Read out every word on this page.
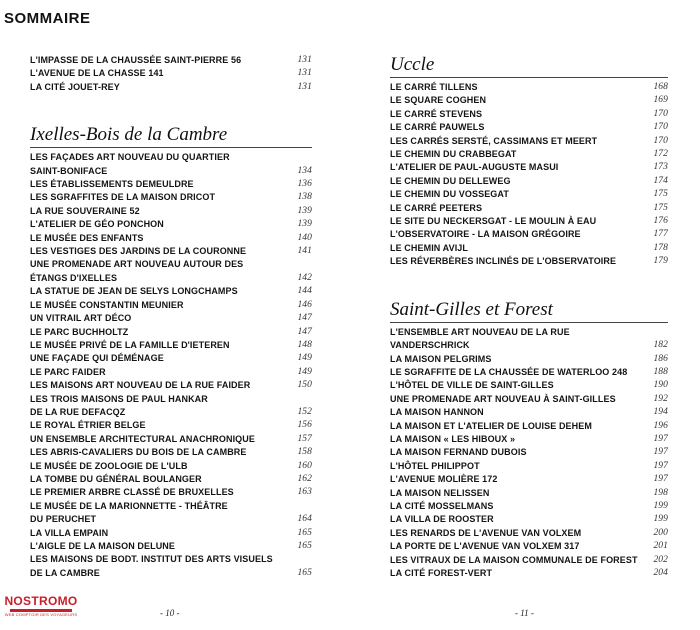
SOMMAIRE
L'IMPASSE DE LA CHAUSSÉE SAINT-PIERRE 56	131
L'AVENUE DE LA CHASSE 141	131
LA CITÉ JOUET-REY	131
Ixelles-Bois de la Cambre
LES FAÇADES ART NOUVEAU DU QUARTIER
SAINT-BONIFACE	134
LES ÉTABLISSEMENTS DEMEULDRE	136
LES SGRAFFITES DE LA MAISON DRICOT	138
LA RUE SOUVERAINE 52	139
L'ATELIER DE GÉO PONCHON	139
LE MUSÉE DES ENFANTS	140
LES VESTIGES DES JARDINS DE LA COURONNE	141
UNE PROMENADE ART NOUVEAU AUTOUR DES
ÉTANGS D'IXELLES	142
LA STATUE DE JEAN DE SELYS LONGCHAMPS	144
LE MUSÉE CONSTANTIN MEUNIER	146
UN VITRAIL ART DÉCO	147
LE PARC BUCHHOLTZ	147
LE MUSÉE PRIVÉ DE LA FAMILLE D'IETEREN	148
UNE FAÇADE QUI DÉMÉNAGE	149
LE PARC FAIDER	149
LES MAISONS ART NOUVEAU DE LA RUE FAIDER	150
LES TROIS MAISONS DE PAUL HANKAR
DE LA RUE DEFACQZ	152
LE ROYAL ÉTRIER BELGE	156
UN ENSEMBLE ARCHITECTURAL ANACHRONIQUE	157
LES ABRIS-CAVALIERS DU BOIS DE LA CAMBRE	158
LE MUSÉE DE ZOOLOGIE DE L'ULB	160
LA TOMBE DU GÉNÉRAL BOULANGER	162
LE PREMIER ARBRE CLASSÉ DE BRUXELLES	163
LE MUSÉE DE LA MARIONNETTE - THÉÂTRE
DU PERUCHET	164
LA VILLA EMPAIN	165
L'AIGLE DE LA MAISON DELUNE	165
LES MAISONS DE BODT. INSTITUT DES ARTS VISUELS
DE LA CAMBRE	165
Uccle
LE CARRÉ TILLENS	168
LE SQUARE COGHEN	169
LE CARRÉ STEVENS	170
LE CARRÉ PAUWELS	170
LES CARRÉS SERSTÉ, CASSIMANS ET MEERT	170
LE CHEMIN DU CRABBEGAT	172
L'ATELIER DE PAUL-AUGUSTE MASUI	173
LE CHEMIN DU DELLEWEG	174
LE CHEMIN DU VOSSEGAT	175
LE CARRÉ PEETERS	175
LE SITE DU NECKERSGAT - LE MOULIN À EAU	176
L'OBSERVATOIRE - LA MAISON GRÉGOIRE	177
LE CHEMIN AVIJL	178
LES RÉVERBÈRES INCLINÉS DE L'OBSERVATOIRE	179
Saint-Gilles et Forest
L'ENSEMBLE ART NOUVEAU DE LA RUE
VANDERSCHRICK	182
LA MAISON PELGRIMS	186
LE SGRAFFITE DE LA CHAUSSÉE DE WATERLOO 248	188
L'HÔTEL DE VILLE DE SAINT-GILLES	190
UNE PROMENADE ART NOUVEAU À SAINT-GILLES	192
LA MAISON HANNON	194
LA MAISON ET L'ATELIER DE LOUISE DEHEM	196
LA MAISON « LES HIBOUX »	197
LA MAISON FERNAND DUBOIS	197
L'HÔTEL PHILIPPOT	197
L'AVENUE MOLIÈRE 172	197
LA MAISON NELISSEN	198
LA CITÉ MOSSELMANS	199
LA VILLA DE ROOSTER	199
LES RENARDS DE L'AVENUE VAN VOLXEM	200
LA PORTE DE L'AVENUE VAN VOLXEM 317	201
LES VITRAUX DE LA MAISON COMMUNALE DE FOREST	202
LA CITÉ FOREST-VERT	204
NOSTROMO
WEB COMPTOIR DES VOYAGEURS	- 10 -	- 11 -
